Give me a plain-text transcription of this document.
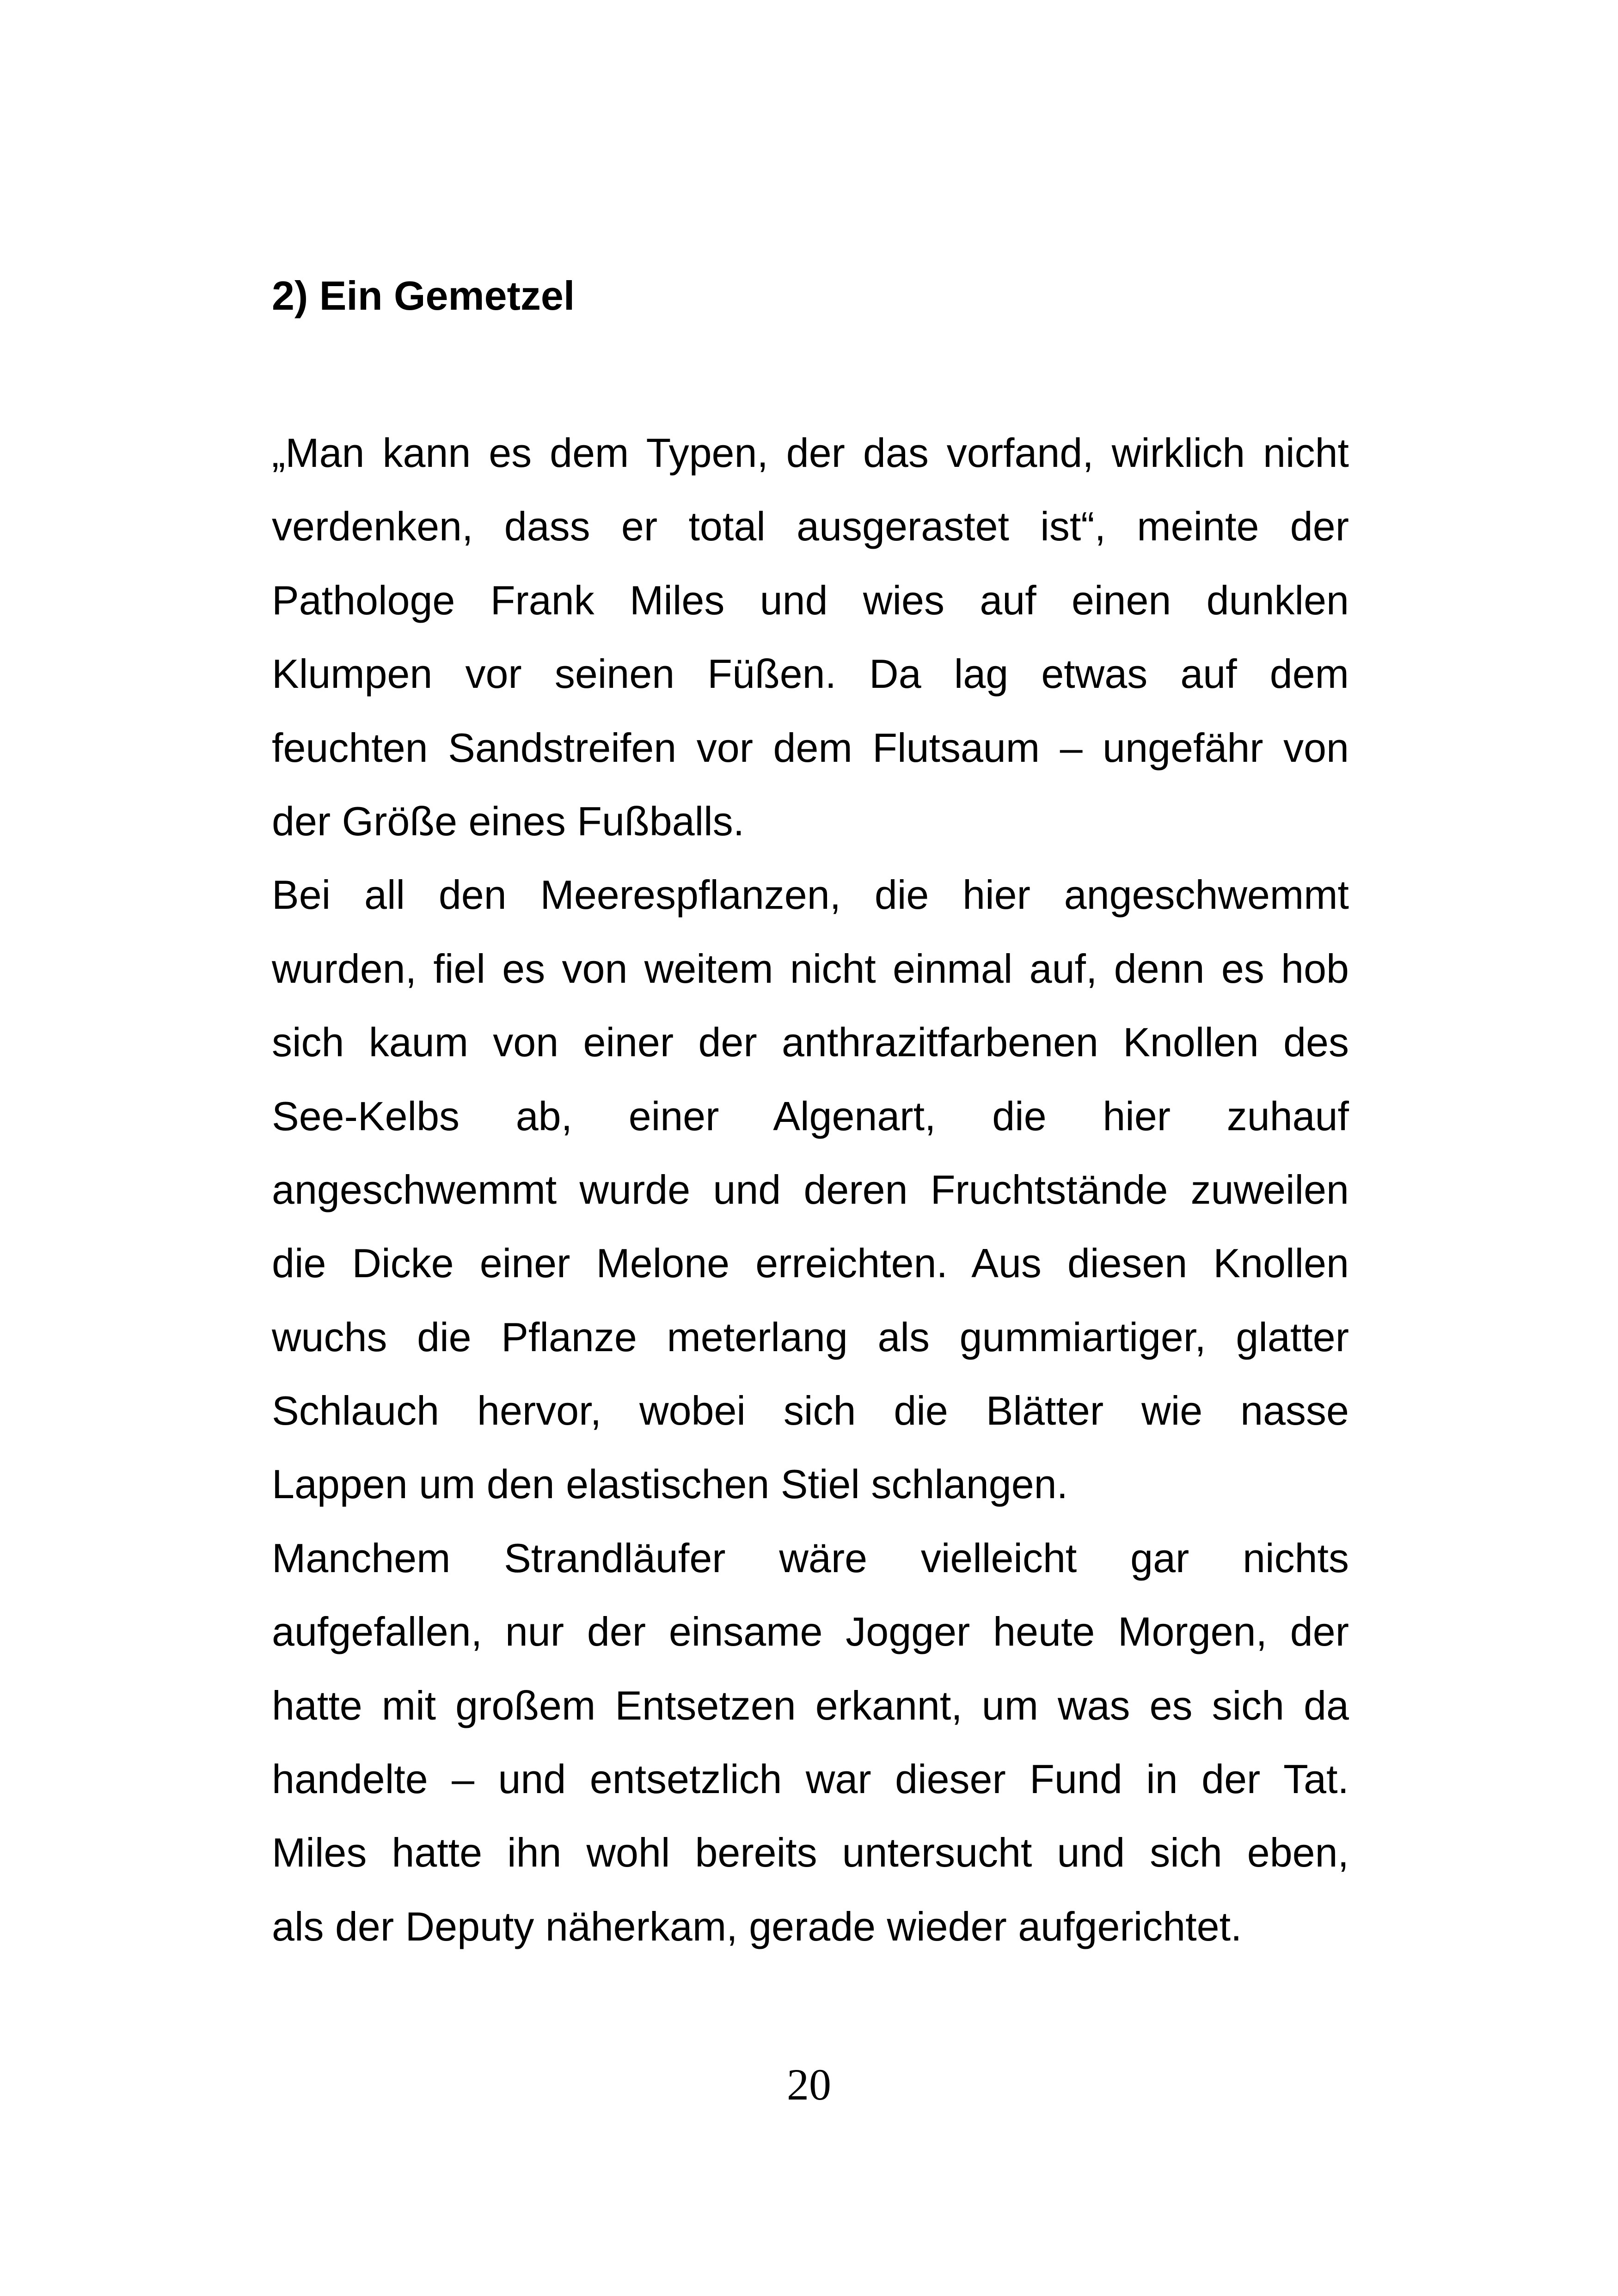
2) Ein Gemetzel
„Man kann es dem Typen, der das vorfand, wirklich nicht
verdenken, dass er total ausgerastet ist“, meinte der
Pathologe Frank Miles und wies auf einen dunklen
Klumpen vor seinen Füßen. Da lag etwas auf dem
feuchten Sandstreifen vor dem Flutsaum – ungefähr von
der Größe eines Fußballs.
Bei all den Meerespflanzen, die hier angeschwemmt
wurden, fiel es von weitem nicht einmal auf, denn es hob
sich kaum von einer der anthrazitfarbenen Knollen des
See-Kelbs ab, einer Algenart, die hier zuhauf
angeschwemmt wurde und deren Fruchtstände zuweilen
die Dicke einer Melone erreichten. Aus diesen Knollen
wuchs die Pflanze meterlang als gummiartiger, glatter
Schlauch hervor, wobei sich die Blätter wie nasse
Lappen um den elastischen Stiel schlangen.
Manchem Strandläufer wäre vielleicht gar nichts
aufgefallen, nur der einsame Jogger heute Morgen, der
hatte mit großem Entsetzen erkannt, um was es sich da
handelte – und entsetzlich war dieser Fund in der Tat.
Miles hatte ihn wohl bereits untersucht und sich eben,
als der Deputy näherkam, gerade wieder aufgerichtet.
20
